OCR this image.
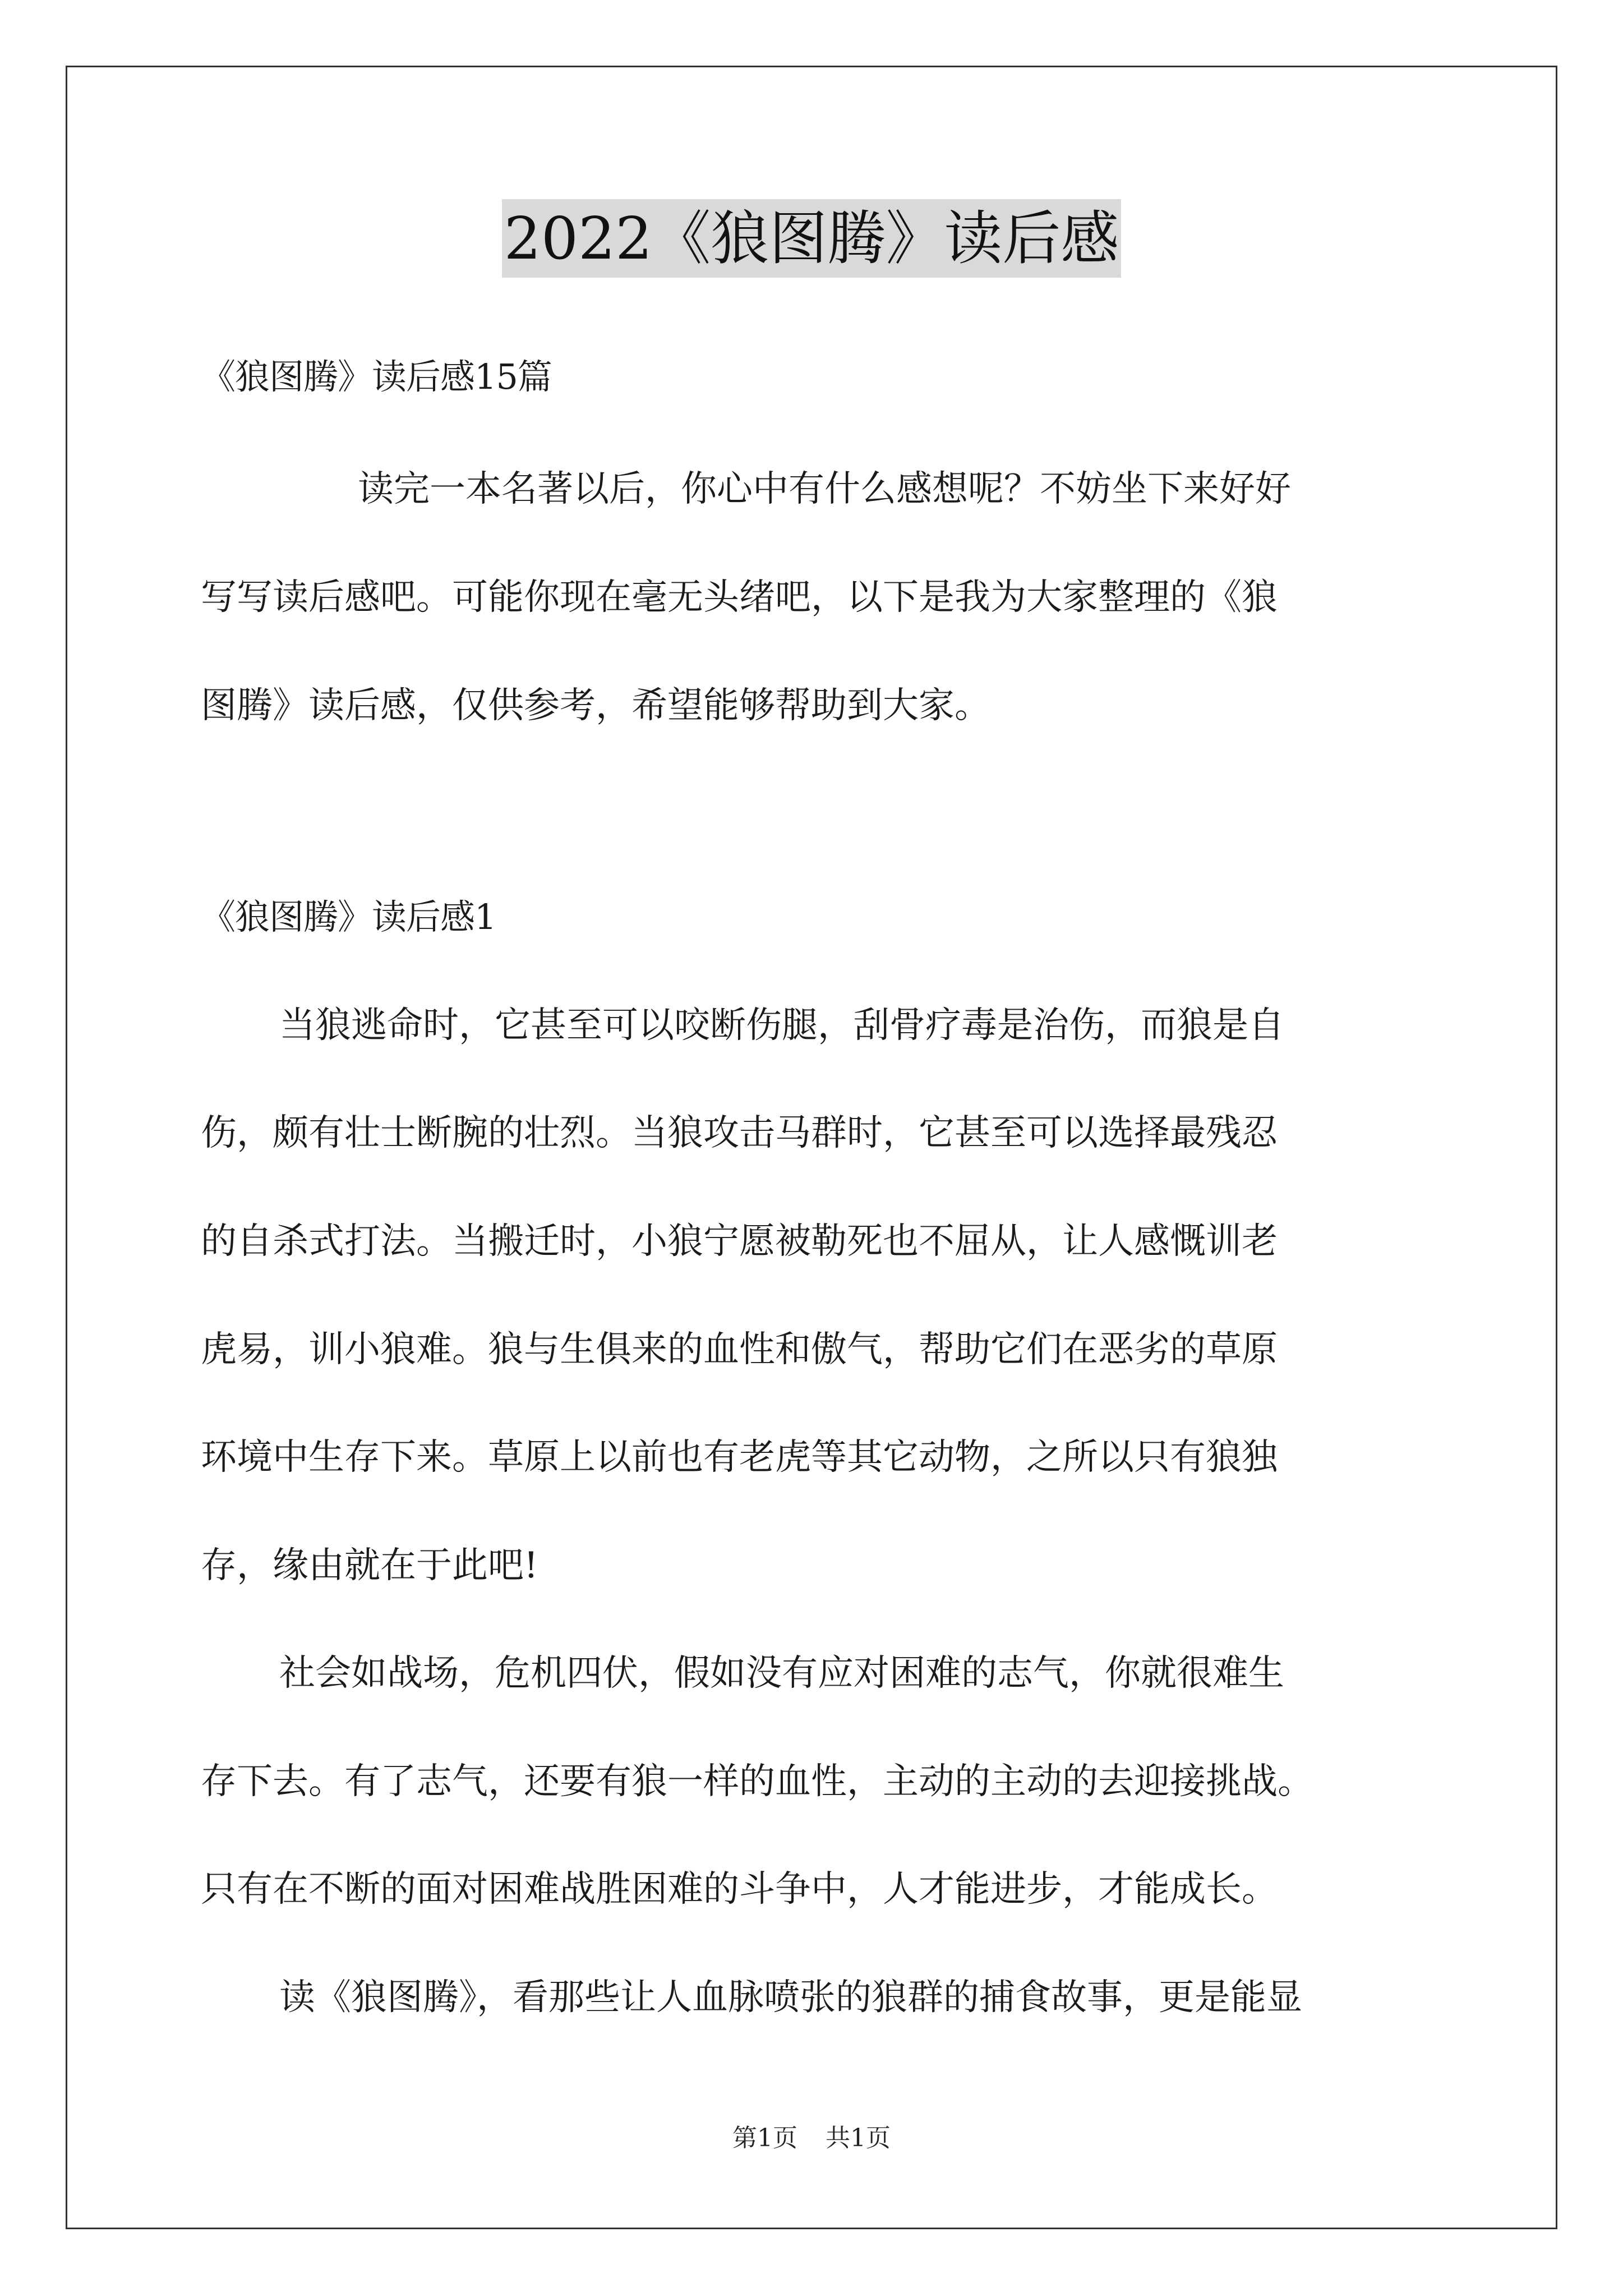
2022《狼图腾》读后感
《狼图腾》读后感15篇
读完一本名著以后，你心中有什么感想呢？不妨坐下来好好
写写读后感吧。可能你现在毫无头绪吧，以下是我为大家整理的《狼
图腾》读后感，仅供参考，希望能够帮助到大家。
《狼图腾》读后感1
当狼逃命时，它甚至可以咬断伤腿，刮骨疗毒是治伤，而狼是自
伤，颇有壮士断腕的壮烈。当狼攻击马群时，它甚至可以选择最残忍
的自杀式打法。当搬迁时，小狼宁愿被勒死也不屈从，让人感慨训老
虎易，训小狼难。狼与生俱来的血性和傲气，帮助它们在恶劣的草原
环境中生存下来。草原上以前也有老虎等其它动物，之所以只有狼独
存，缘由就在于此吧!
社会如战场，危机四伏，假如没有应对困难的志气，你就很难生
存下去。有了志气，还要有狼一样的血性，主动的主动的去迎接挑战。
只有在不断的面对困难战胜困难的斗争中，人才能进步，才能成长。
读《狼图腾》，看那些让人血脉喷张的狼群的捕食故事，更是能显
第1页 共1页
